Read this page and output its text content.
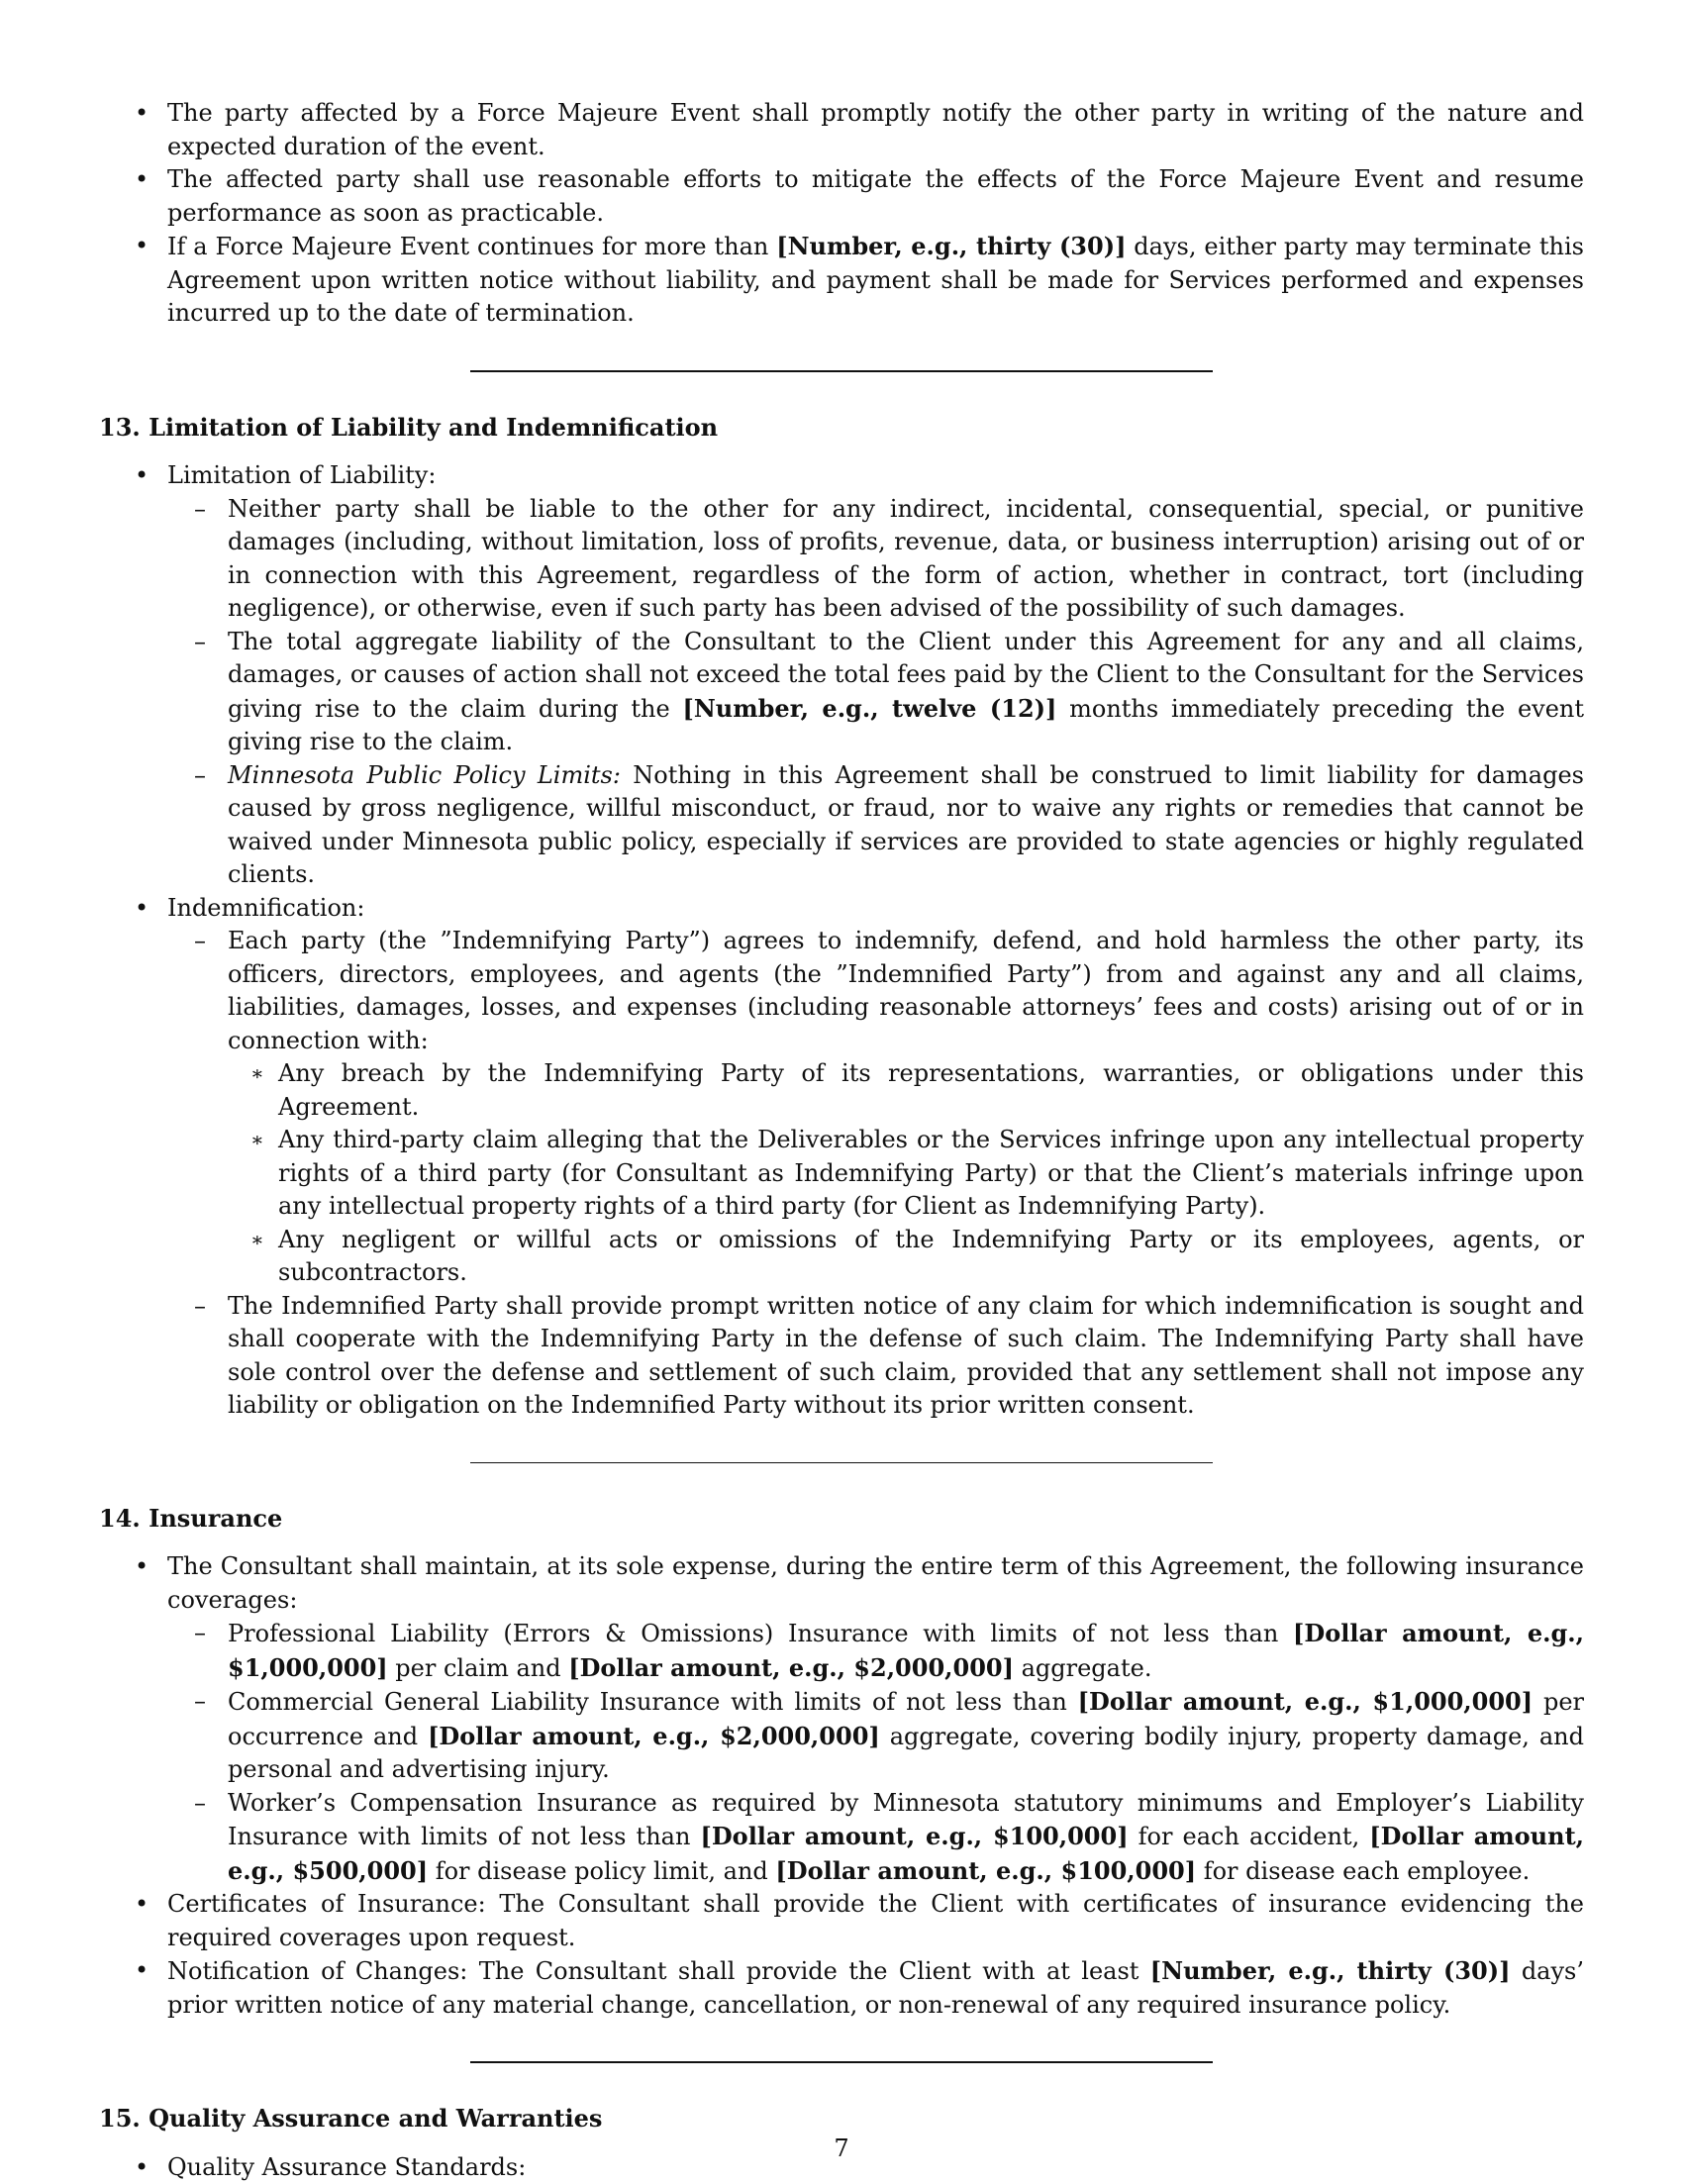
• The party affected by a Force Majeure Event shall promptly notify the other party in writing of the nature and expected duration of the event.
• The affected party shall use reasonable efforts to mitigate the effects of the Force Majeure Event and resume performance as soon as practicable.
• If a Force Majeure Event continues for more than [Number, e.g., thirty (30)] days, either party may terminate this Agreement upon written notice without liability, and payment shall be made for Services performed and expenses incurred up to the date of termination.
13. Limitation of Liability and Indemnification
• Limitation of Liability:
– Neither party shall be liable to the other for any indirect, incidental, consequential, special, or punitive damages (including, without limitation, loss of profits, revenue, data, or business interruption) arising out of or in connection with this Agreement, regardless of the form of action, whether in contract, tort (including negligence), or otherwise, even if such party has been advised of the possibility of such damages.
– The total aggregate liability of the Consultant to the Client under this Agreement for any and all claims, damages, or causes of action shall not exceed the total fees paid by the Client to the Consultant for the Services giving rise to the claim during the [Number, e.g., twelve (12)] months immediately preceding the event giving rise to the claim.
– Minnesota Public Policy Limits: Nothing in this Agreement shall be construed to limit liability for damages caused by gross negligence, willful misconduct, or fraud, nor to waive any rights or remedies that cannot be waived under Minnesota public policy, especially if services are provided to state agencies or highly regulated clients.
• Indemnification:
– Each party (the ”Indemnifying Party”) agrees to indemnify, defend, and hold harmless the other party, its officers, directors, employees, and agents (the ”Indemnified Party”) from and against any and all claims, liabilities, damages, losses, and expenses (including reasonable attorneys’ fees and costs) arising out of or in connection with:
∗ Any breach by the Indemnifying Party of its representations, warranties, or obligations under this Agreement.
∗ Any third-party claim alleging that the Deliverables or the Services infringe upon any intellectual property rights of a third party (for Consultant as Indemnifying Party) or that the Client’s materials infringe upon any intellectual property rights of a third party (for Client as Indemnifying Party).
∗ Any negligent or willful acts or omissions of the Indemnifying Party or its employees, agents, or subcontractors.
– The Indemnified Party shall provide prompt written notice of any claim for which indemnification is sought and shall cooperate with the Indemnifying Party in the defense of such claim. The Indemnifying Party shall have sole control over the defense and settlement of such claim, provided that any settlement shall not impose any liability or obligation on the Indemnified Party without its prior written consent.
14. Insurance
• The Consultant shall maintain, at its sole expense, during the entire term of this Agreement, the following insurance coverages:
– Professional Liability (Errors & Omissions) Insurance with limits of not less than [Dollar amount, e.g., $1,000,000] per claim and [Dollar amount, e.g., $2,000,000] aggregate.
– Commercial General Liability Insurance with limits of not less than [Dollar amount, e.g., $1,000,000] per occurrence and [Dollar amount, e.g., $2,000,000] aggregate, covering bodily injury, property damage, and personal and advertising injury.
– Worker’s Compensation Insurance as required by Minnesota statutory minimums and Employer’s Liability Insurance with limits of not less than [Dollar amount, e.g., $100,000] for each accident, [Dollar amount, e.g., $500,000] for disease policy limit, and [Dollar amount, e.g., $100,000] for disease each employee.
• Certificates of Insurance: The Consultant shall provide the Client with certificates of insurance evidencing the required coverages upon request.
• Notification of Changes: The Consultant shall provide the Client with at least [Number, e.g., thirty (30)] days’ prior written notice of any material change, cancellation, or non-renewal of any required insurance policy.
15. Quality Assurance and Warranties
• Quality Assurance Standards:
7
